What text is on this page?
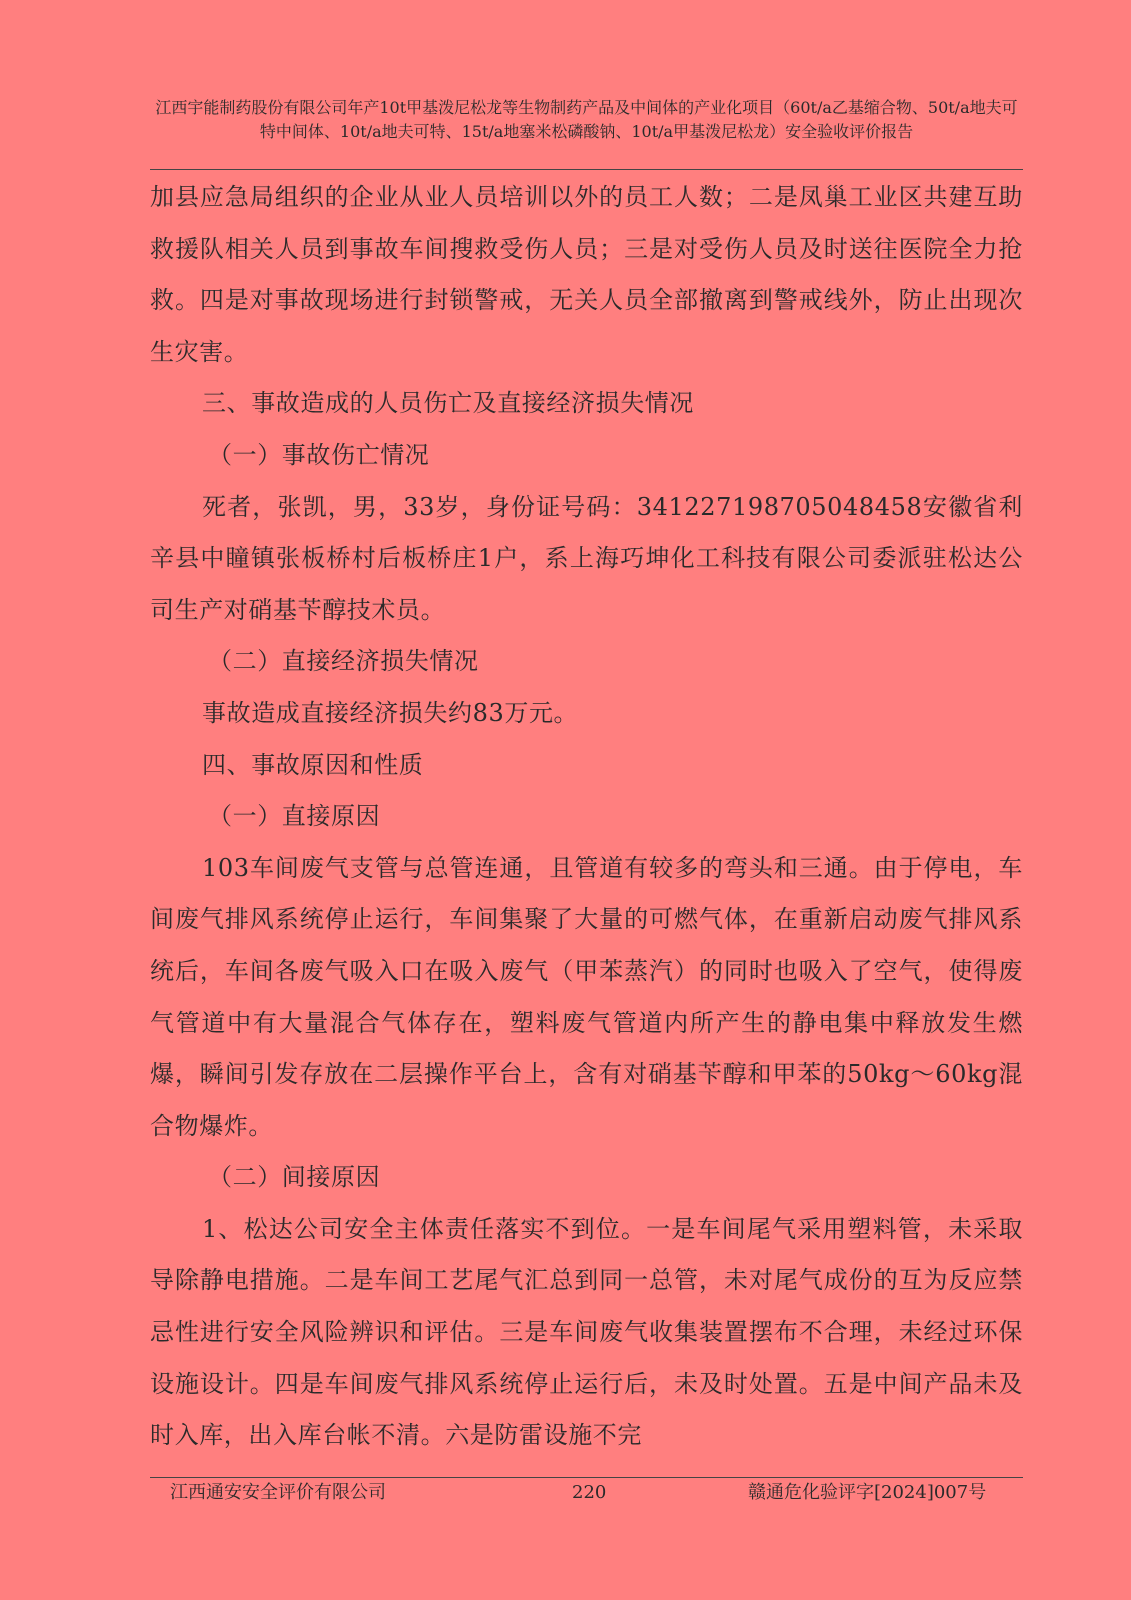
江西宇能制药股份有限公司年产10t甲基泼尼松龙等生物制药产品及中间体的产业化项目（60t/a乙基缩合物、50t/a地夫可特中间体、10t/a地夫可特、15t/a地塞米松磷酸钠、10t/a甲基泼尼松龙）安全验收评价报告

加县应急局组织的企业从业人员培训以外的员工人数；二是凤巢工业区共建互助救援队相关人员到事故车间搜救受伤人员；三是对受伤人员及时送往医院全力抢救。四是对事故现场进行封锁警戒，无关人员全部撤离到警戒线外，防止出现次生灾害。

三、事故造成的人员伤亡及直接经济损失情况

（一）事故伤亡情况

死者，张凯，男，33岁，身份证号码：341227198705048458安徽省利辛县中瞳镇张板桥村后板桥庄1户，系上海巧坤化工科技有限公司委派驻松达公司生产对硝基苄醇技术员。

（二）直接经济损失情况

事故造成直接经济损失约83万元。

四、事故原因和性质

（一）直接原因

103车间废气支管与总管连通，且管道有较多的弯头和三通。由于停电，车间废气排风系统停止运行，车间集聚了大量的可燃气体，在重新启动废气排风系统后，车间各废气吸入口在吸入废气（甲苯蒸汽）的同时也吸入了空气，使得废气管道中有大量混合气体存在，塑料废气管道内所产生的静电集中释放发生燃爆，瞬间引发存放在二层操作平台上，含有对硝基苄醇和甲苯的50kg～60kg混合物爆炸。

（二）间接原因

1、松达公司安全主体责任落实不到位。一是车间尾气采用塑料管，未采取导除静电措施。二是车间工艺尾气汇总到同一总管，未对尾气成份的互为反应禁忌性进行安全风险辨识和评估。三是车间废气收集装置摆布不合理，未经过环保设施设计。四是车间废气排风系统停止运行后，未及时处置。五是中间产品未及时入库，出入库台帐不清。六是防雷设施不完

江西通安安全评价有限公司	220	赣通危化验评字[2024]007号
